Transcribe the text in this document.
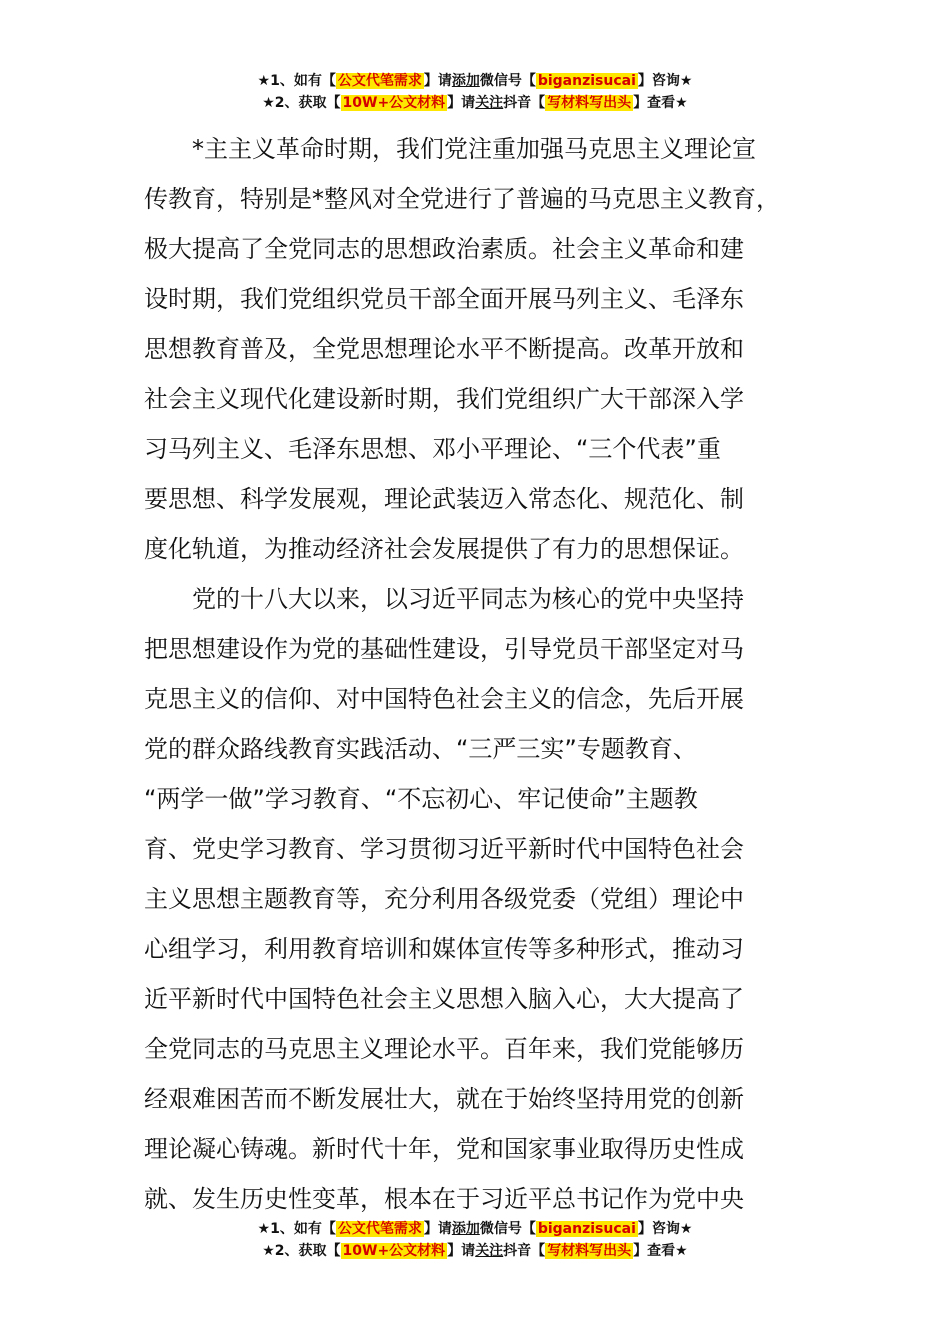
★1、如有【 公文代笔需求 】请添加微信号【 biganzisucai 】咨询★
★2、获取【 10W+公文材料 】请关注抖音【 写材料写出头 】查看★
*主主义革命时期，我们党注重加强马克思主义理论宣
传教育，特别是*整风对全党进行了普遍的马克思主义教育，
极大提高了全党同志的思想政治素质。社会主义革命和建
设时期，我们党组织党员干部全面开展马列主义、毛泽东
思想教育普及，全党思想理论水平不断提高。改革开放和
社会主义现代化建设新时期，我们党组织广大干部深入学
习马列主义、毛泽东思想、邓小平理论、“三个代表”重
要思想、科学发展观，理论武装迈入常态化、规范化、制
度化轨道，为推动经济社会发展提供了有力的思想保证。
党的十八大以来，以习近平同志为核心的党中央坚持
把思想建设作为党的基础性建设，引导党员干部坚定对马
克思主义的信仰、对中国特色社会主义的信念，先后开展
党的群众路线教育实践活动、“三严三实”专题教育、
“两学一做”学习教育、“不忘初心、牢记使命”主题教
育、党史学习教育、学习贯彻习近平新时代中国特色社会
主义思想主题教育等，充分利用各级党委（党组）理论中
心组学习，利用教育培训和媒体宣传等多种形式，推动习
近平新时代中国特色社会主义思想入脑入心，大大提高了
全党同志的马克思主义理论水平。百年来，我们党能够历
经艰难困苦而不断发展壮大，就在于始终坚持用党的创新
理论凝心铸魂。新时代十年，党和国家事业取得历史性成
就、发生历史性变革，根本在于习近平总书记作为党中央
★1、如有【 公文代笔需求 】请添加微信号【 biganzisucai 】咨询★
★2、获取【 10W+公文材料 】请关注抖音【 写材料写出头 】查看★
